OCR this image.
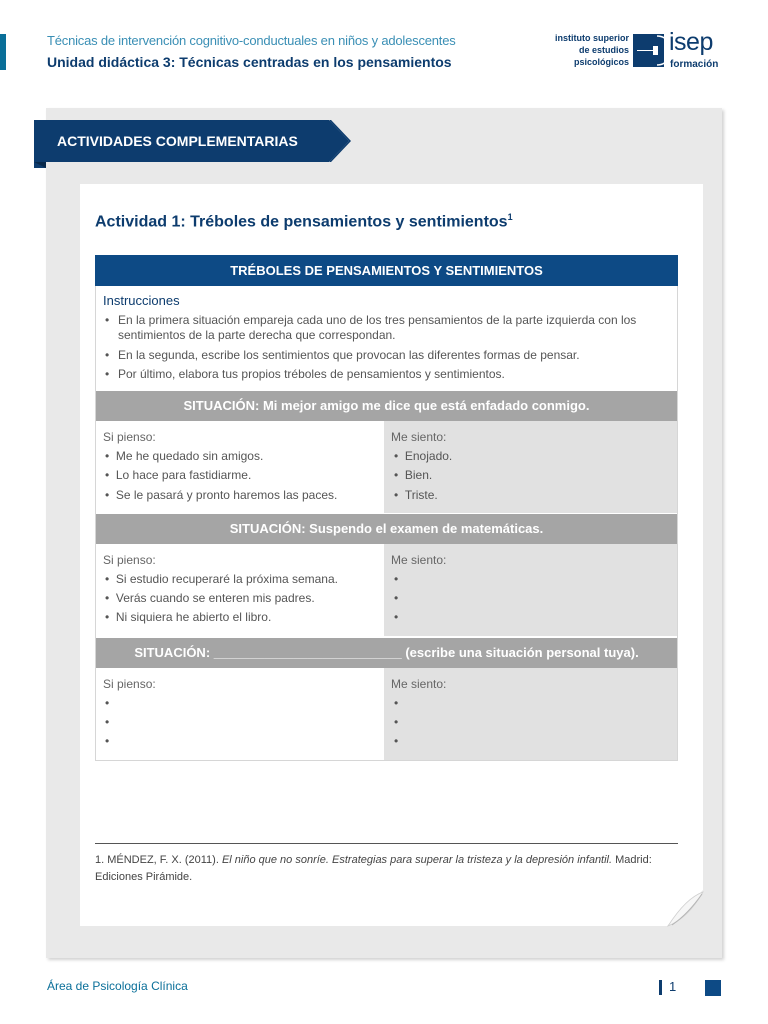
Técnicas de intervención cognitivo-conductuales en niños y adolescentes
Unidad didáctica 3: Técnicas centradas en los pensamientos
instituto superior
de estudios
psicológicos
isep
formación
ACTIVIDADES COMPLEMENTARIAS
Actividad 1: Tréboles de pensamientos y sentimientos$^1$
TRÉBOLES DE PENSAMIENTOS Y SENTIMIENTOS
Instrucciones
• En la primera situación empareja cada uno de los tres pensamientos de la parte izquierda con los sentimientos de la parte derecha que correspondan.
• En la segunda, escribe los sentimientos que provocan las diferentes formas de pensar.
• Por último, elabora tus propios tréboles de pensamientos y sentimientos.
SITUACIÓN: Mi mejor amigo me dice que está enfadado conmigo.
Si pienso:
• Me he quedado sin amigos.
• Lo hace para fastidiarme.
• Se le pasará y pronto haremos las paces.
Me siento:
• Enojado.
• Bien.
• Triste.
SITUACIÓN: Suspendo el examen de matemáticas.
Si pienso:
• Si estudio recuperaré la próxima semana.
• Verás cuando se enteren mis padres.
• Ni siquiera he abierto el libro.
Me siento:
•
•
•
SITUACIÓN: __________________________ (escribe una situación personal tuya).
Si pienso:
•
•
•
Me siento:
•
•
•
1. MÉNDEZ, F. X. (2011). El niño que no sonríe. Estrategias para superar la tristeza y la depresión infantil. Madrid: Ediciones Pirámide.
Área de Psicología Clínica	1
